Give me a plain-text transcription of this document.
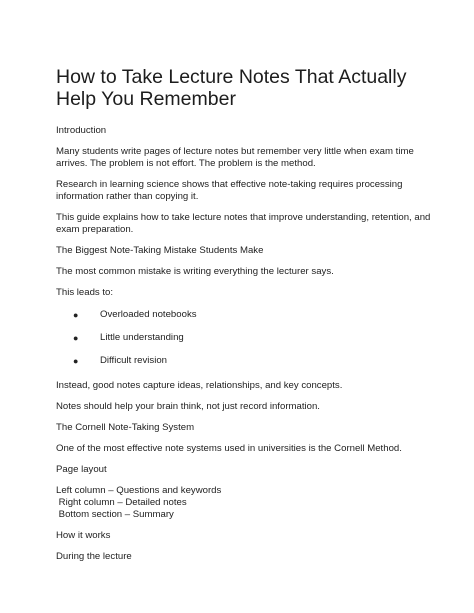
How to Take Lecture Notes That Actually Help You Remember

Introduction

Many students write pages of lecture notes but remember very little when exam time arrives. The problem is not effort. The problem is the method.

Research in learning science shows that effective note-taking requires processing information rather than copying it.

This guide explains how to take lecture notes that improve understanding, retention, and exam preparation.

The Biggest Note-Taking Mistake Students Make

The most common mistake is writing everything the lecturer says.

This leads to:

● Overloaded notebooks
● Little understanding
● Difficult revision

Instead, good notes capture ideas, relationships, and key concepts.

Notes should help your brain think, not just record information.

The Cornell Note-Taking System

One of the most effective note systems used in universities is the Cornell Method.

Page layout

Left column – Questions and keywords
Right column – Detailed notes
Bottom section – Summary

How it works

During the lecture
